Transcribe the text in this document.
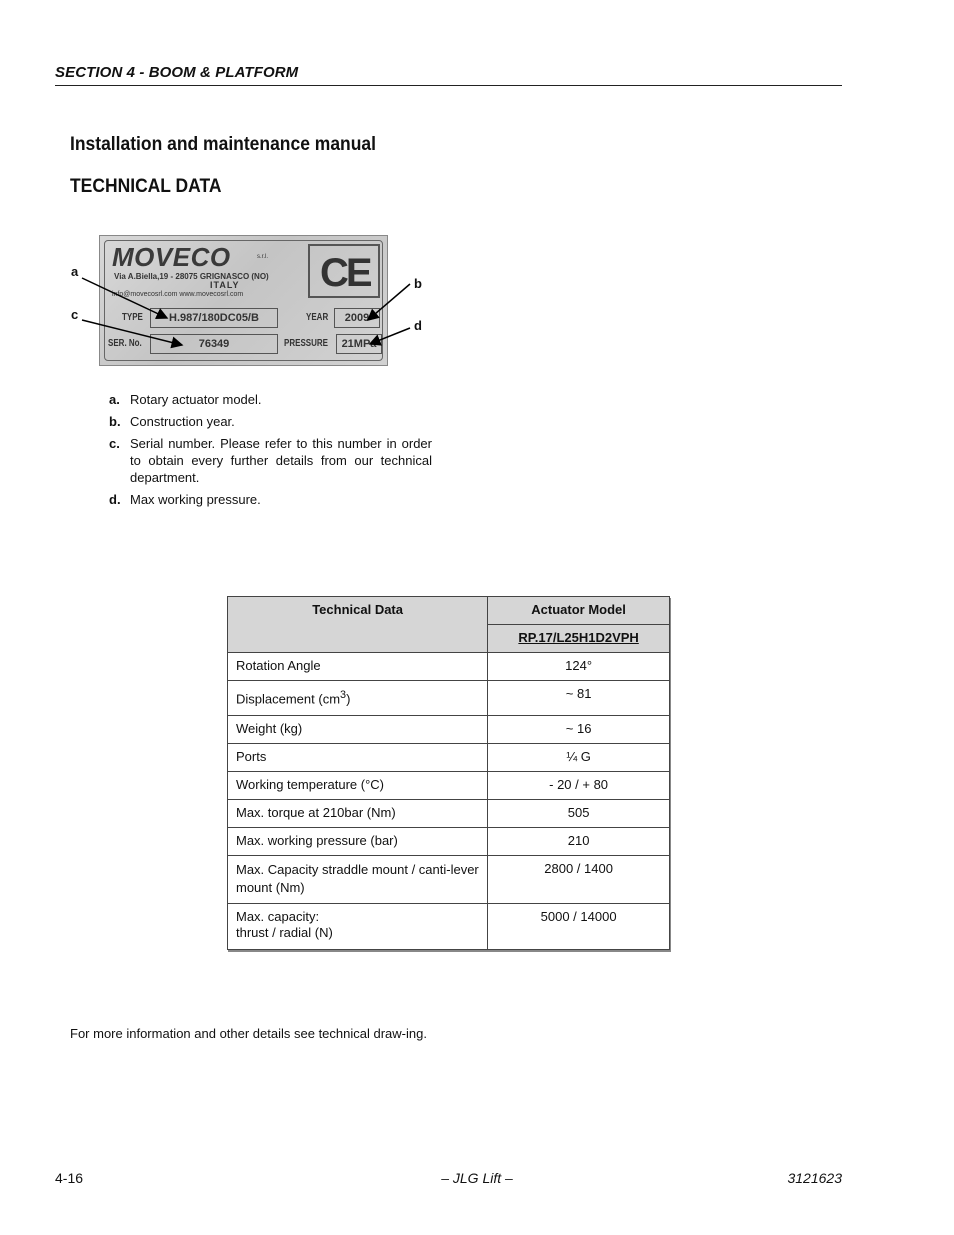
SECTION 4 - BOOM & PLATFORM
Installation and maintenance manual
TECHNICAL DATA
MOVECO	s.r.l.
Via A.Biella,19 - 28075 GRIGNASCO (NO)
ITALY
info@movecosrl.com www.movecosrl.com CE
TYPE	H.987/180DC05/B	YEAR	2009
SER. No.	76349	PRESSURE	21MPa
a
b
c
d
a. Rotary actuator model.
b. Construction year.
c. Serial number. Please refer to this number in order to obtain every further details from our technical department.
d. Max working pressure.
Technical Data	Actuator Model
	RP.17/L25H1D2VPH
Rotation Angle	124°
Displacement $(cm^3)$	~ 81
Weight (kg)	~ 16
Ports	¼ G
Working temperature (°C)	- 20 / + 80
Max. torque at 210bar (Nm)	505
Max. working pressure (bar)	210
Max. Capacity straddle mount / canti-lever mount (Nm)	2800 / 1400

Max. capacity:
thrust / radial (N)	5000 / 14000
For more information and other details see technical draw-ing.
4-16	– JLG Lift –	3121623
